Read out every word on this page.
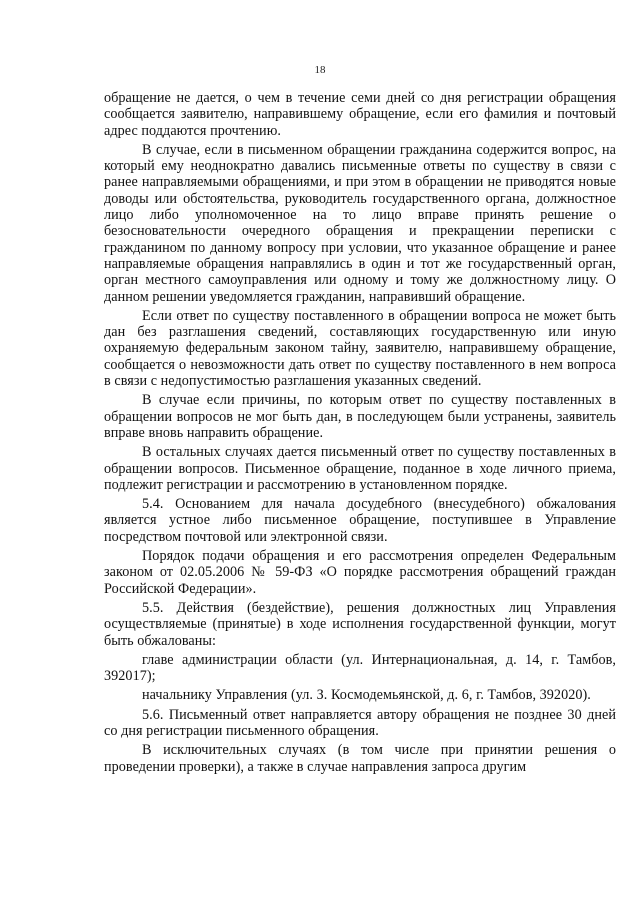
18

обращение не дается, о чем в течение семи дней со дня регистрации обращения сообщается заявителю, направившему обращение, если его фамилия и почтовый адрес поддаются прочтению.

В случае, если в письменном обращении гражданина содержится вопрос, на который ему неоднократно давались письменные ответы по существу в связи с ранее направляемыми обращениями, и при этом в обращении не приводятся новые доводы или обстоятельства, руководитель государственного органа, должностное лицо либо уполномоченное на то лицо вправе принять решение о безосновательности очередного обращения и прекращении переписки с гражданином по данному вопросу при условии, что указанное обращение и ранее направляемые обращения направлялись в один и тот же государственный орган, орган местного самоуправления или одному и тому же должностному лицу. О данном решении уведомляется гражданин, направивший обращение.

Если ответ по существу поставленного в обращении вопроса не может быть дан без разглашения сведений, составляющих государственную или иную охраняемую федеральным законом тайну, заявителю, направившему обращение, сообщается о невозможности дать ответ по существу поставленного в нем вопроса в связи с недопустимостью разглашения указанных сведений.

В случае если причины, по которым ответ по существу поставленных в обращении вопросов не мог быть дан, в последующем были устранены, заявитель вправе вновь направить обращение.

В остальных случаях дается письменный ответ по существу поставленных в обращении вопросов. Письменное обращение, поданное в ходе личного приема, подлежит регистрации и рассмотрению в установленном порядке.

5.4. Основанием для начала досудебного (внесудебного) обжалования является устное либо письменное обращение, поступившее в Управление посредством почтовой или электронной связи.

Порядок подачи обращения и его рассмотрения определен Федеральным законом от 02.05.2006 № 59-ФЗ «О порядке рассмотрения обращений граждан Российской Федерации».

5.5. Действия (бездействие), решения должностных лиц Управления осуществляемые (принятые) в ходе исполнения государственной функции, могут быть обжалованы:

главе администрации области (ул. Интернациональная, д. 14, г. Тамбов, 392017);

начальнику Управления (ул. З. Космодемьянской, д. 6, г. Тамбов, 392020).

5.6. Письменный ответ направляется автору обращения не позднее 30 дней со дня регистрации письменного обращения.

В исключительных случаях (в том числе при принятии решения о проведении проверки), а также в случае направления запроса другим
